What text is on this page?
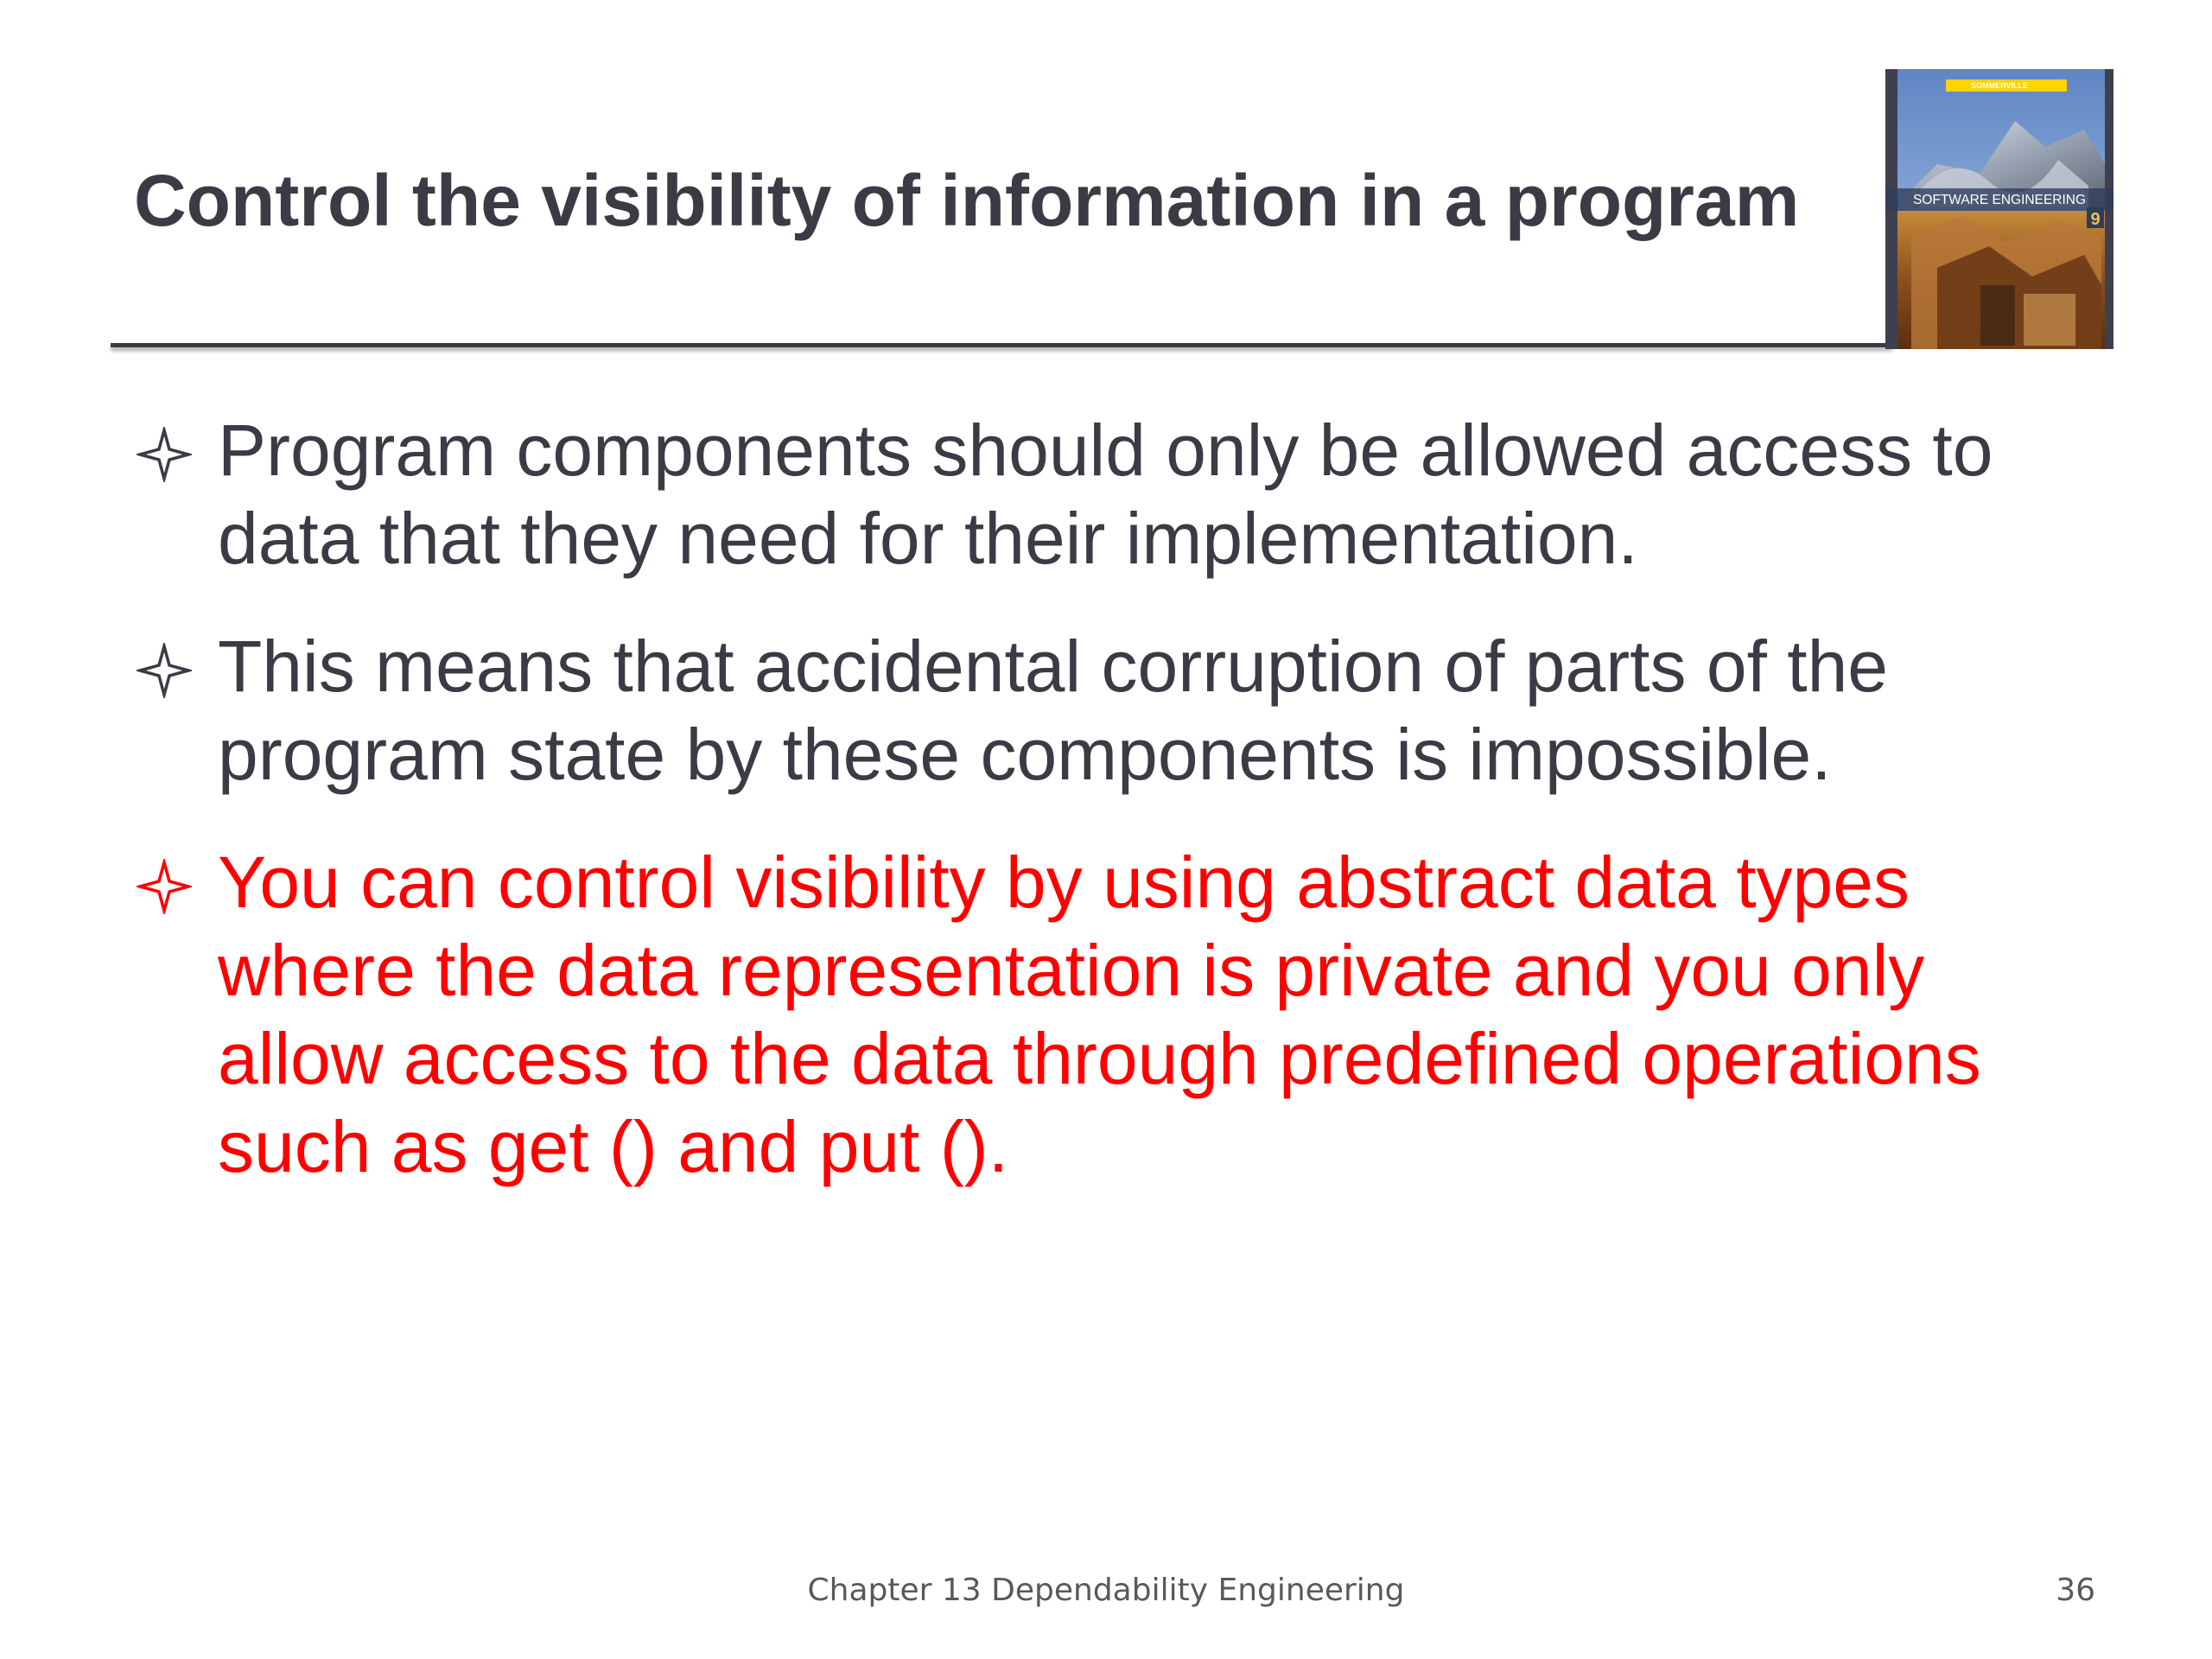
Control the visibility of information in a program
SOMMERVILLE
SOFTWARE ENGINEERING
9
Program components should only be allowed access to data that they need for their implementation.
This means that accidental corruption of parts of the program state by these components is impossible.
You can control visibility by using abstract data types where the data representation is private and you only allow access to the data through predefined operations such as get () and put ().
Chapter 13 Dependability Engineering	36
